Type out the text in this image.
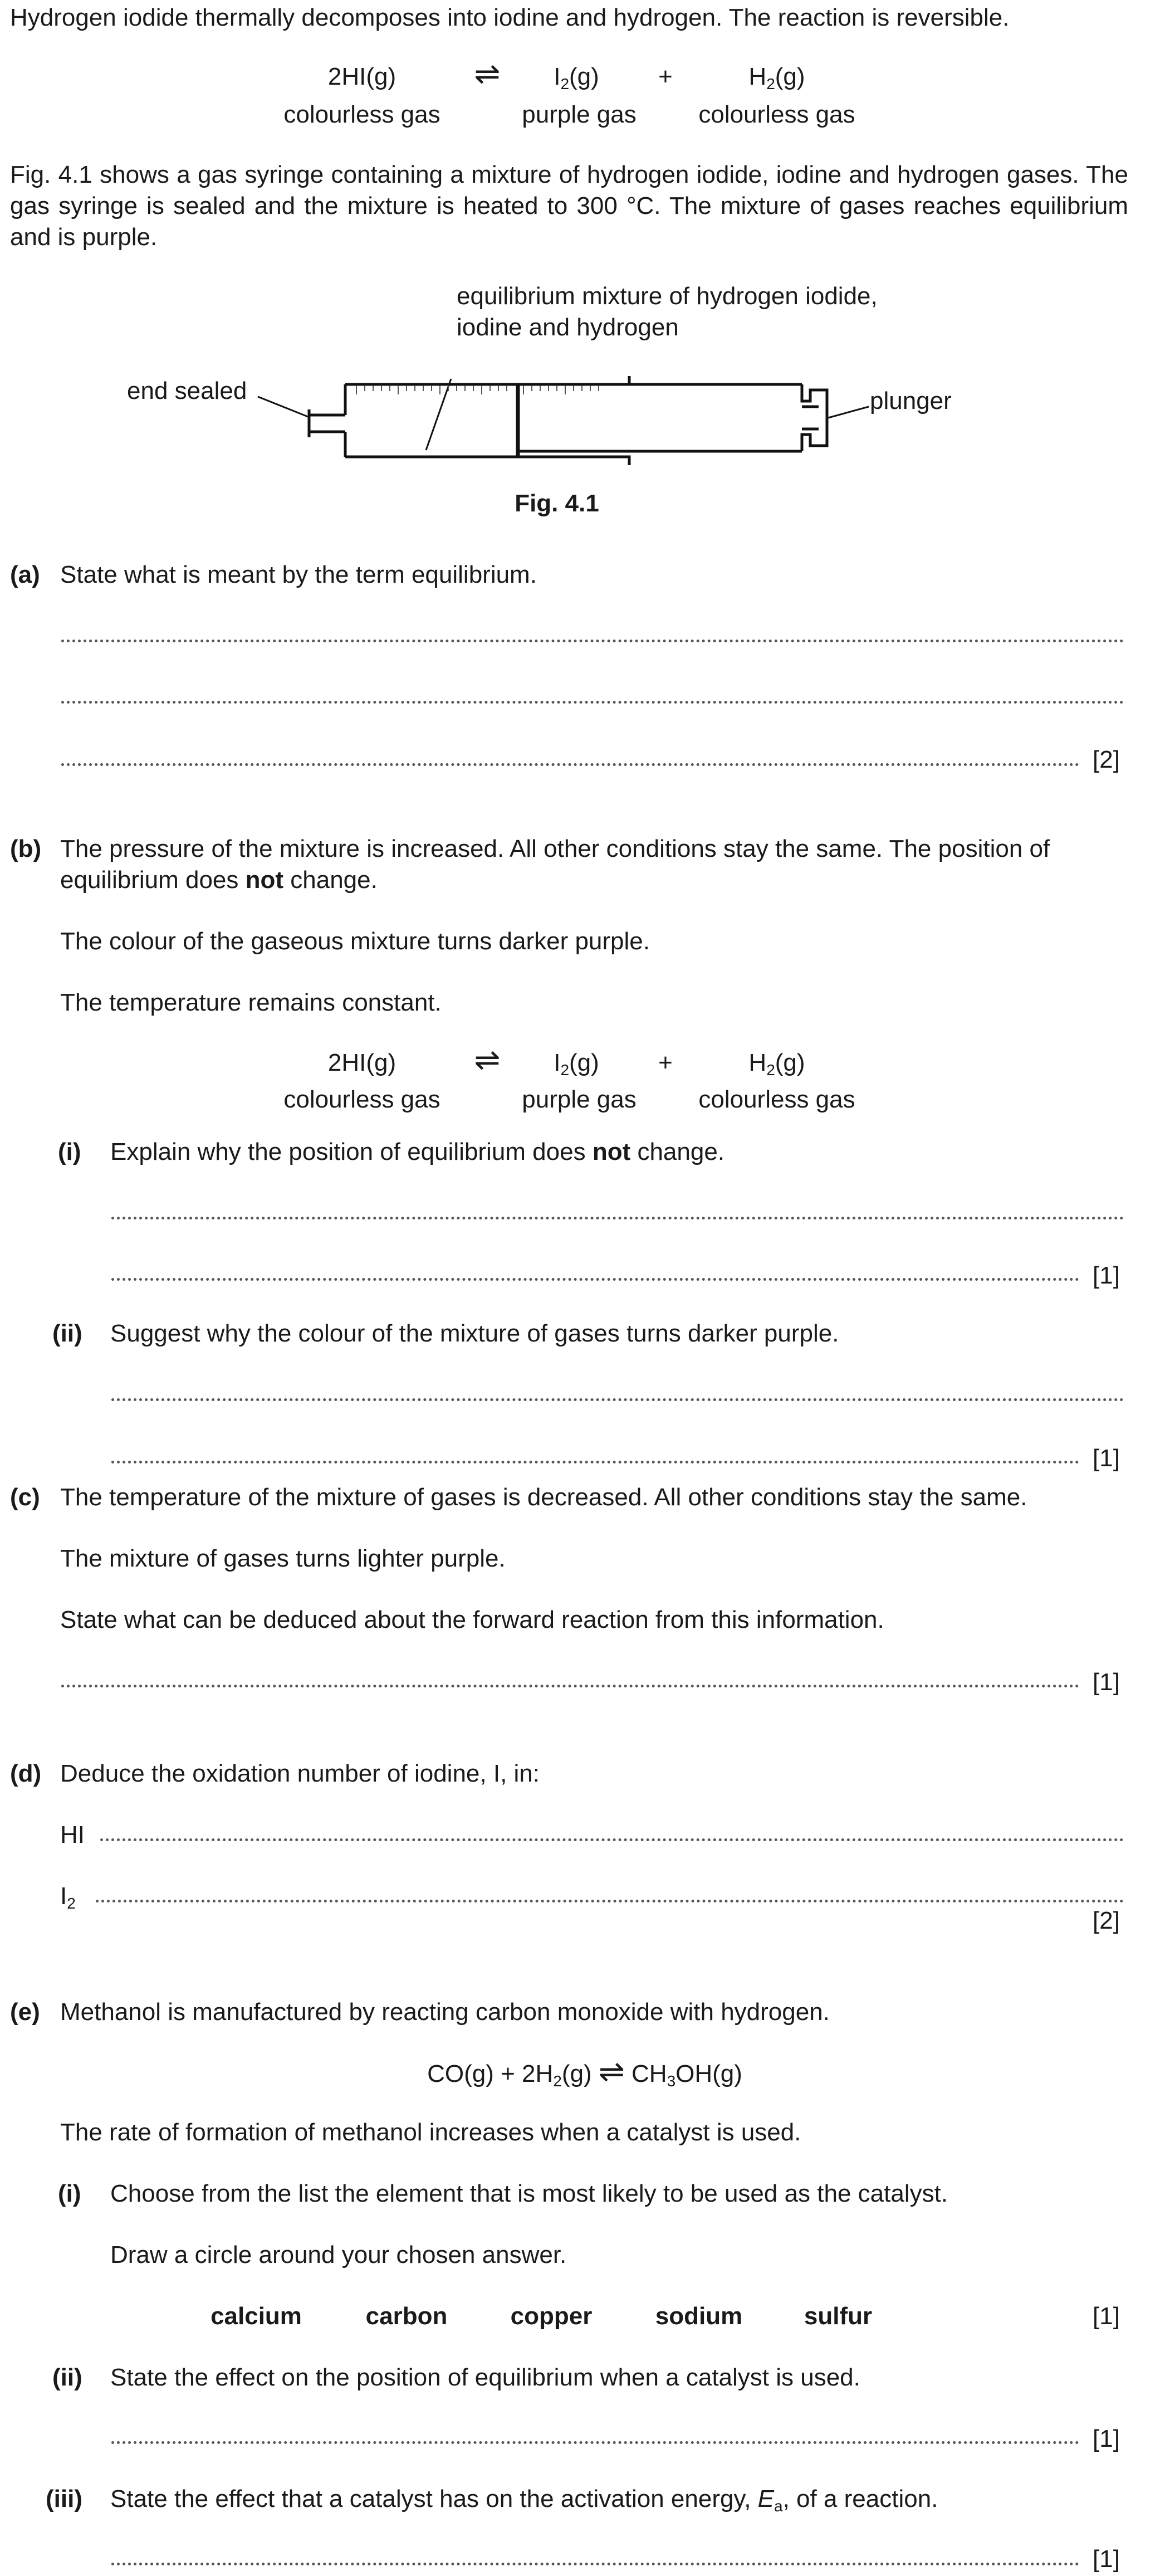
Hydrogen iodide thermally decomposes into iodine and hydrogen. The reaction is reversible.
2HI(g)	⇌	$I_2(g)$	+	$H_2(g)$
colourless gas	purple gas	colourless gas
Fig. 4.1 shows a gas syringe containing a mixture of hydrogen iodide, iodine and hydrogen gases. The gas syringe is sealed and the mixture is heated to 300 °C. The mixture of gases reaches equilibrium and is purple.
equilibrium mixture of hydrogen iodide,
iodine and hydrogen
end sealed	plunger
Fig. 4.1
(a) State what is meant by the term equilibrium.
[2]
(b) The pressure of the mixture is increased. All other conditions stay the same. The position of
equilibrium does not change.
The colour of the gaseous mixture turns darker purple.
The temperature remains constant.
2HI(g)	⇌	$I_2(g)$	+	$H_2(g)$
colourless gas	purple gas	colourless gas
(i) Explain why the position of equilibrium does not change.
[1]
(ii) Suggest why the colour of the mixture of gases turns darker purple.
[1]
(c) The temperature of the mixture of gases is decreased. All other conditions stay the same.
The mixture of gases turns lighter purple.
State what can be deduced about the forward reaction from this information.
[1]
(d) Deduce the oxidation number of iodine, I, in:
HI
$I_2$
[2]
(e) Methanol is manufactured by reacting carbon monoxide with hydrogen.
$CO(g) + 2H_2(g)$ ⇌ $CH_3OH(g)$
The rate of formation of methanol increases when a catalyst is used.
(i) Choose from the list the element that is most likely to be used as the catalyst.
Draw a circle around your chosen answer.
calcium	carbon	copper	sodium	sulfur	[1]
(ii) State the effect on the position of equilibrium when a catalyst is used.
[1]
(iii) State the effect that a catalyst has on the activation energy, $E_a$, of a reaction.
[1]
